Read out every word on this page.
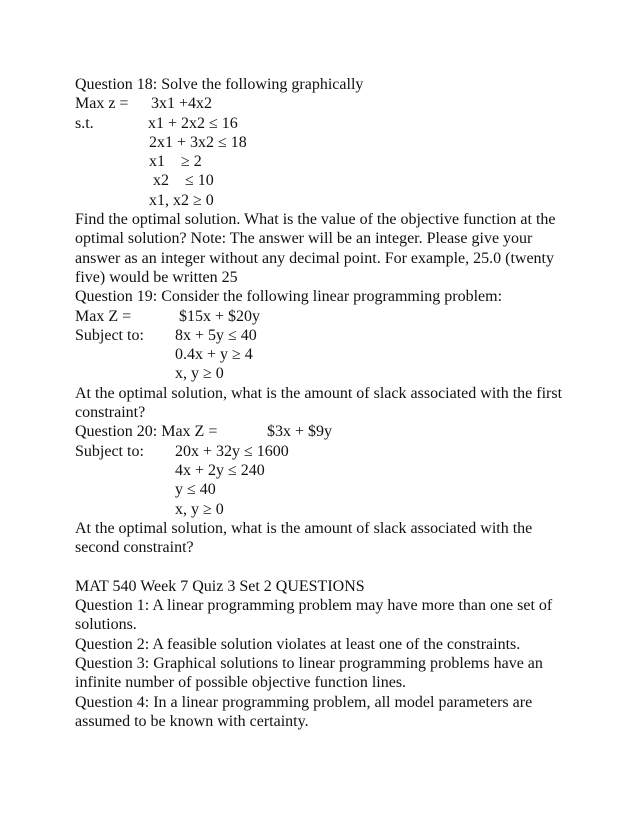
Question 18: Solve the following graphically

Max z =

3x1 +4x2

s.t.

	x1 + 2x2 ≤ 16

2x1 + 3x2 ≤ 18

x1    ≥ 2

x2    ≤ 10

x1, x2 ≥ 0

Find the optimal solution. What is the value of the objective function at the optimal solution? Note: The answer will be an integer. Please give your answer as an integer without any decimal point. For example, 25.0 (twenty five) would be written 25
Question 19: Consider the following linear programming problem:

Max Z =

	$15x + $20y

Subject to:

8x + 5y ≤ 40

0.4x + y ≥ 4

x, y ≥ 0

At the optimal solution, what is the amount of slack associated with the first constraint?

Question 20: Max Z =

	$3x + $9y

Subject to:

20x + 32y ≤ 1600

4x + 2y ≤ 240

y ≤ 40

x, y ≥ 0

At the optimal solution, what is the amount of slack associated with the second constraint?
MAT 540 Week 7 Quiz 3 Set 2 QUESTIONS
Question 1: A linear programming problem may have more than one set of solutions.
Question 2: A feasible solution violates at least one of the constraints.
Question 3: Graphical solutions to linear programming problems have an infinite number of possible objective function lines.
Question 4: In a linear programming problem, all model parameters are assumed to be known with certainty.
